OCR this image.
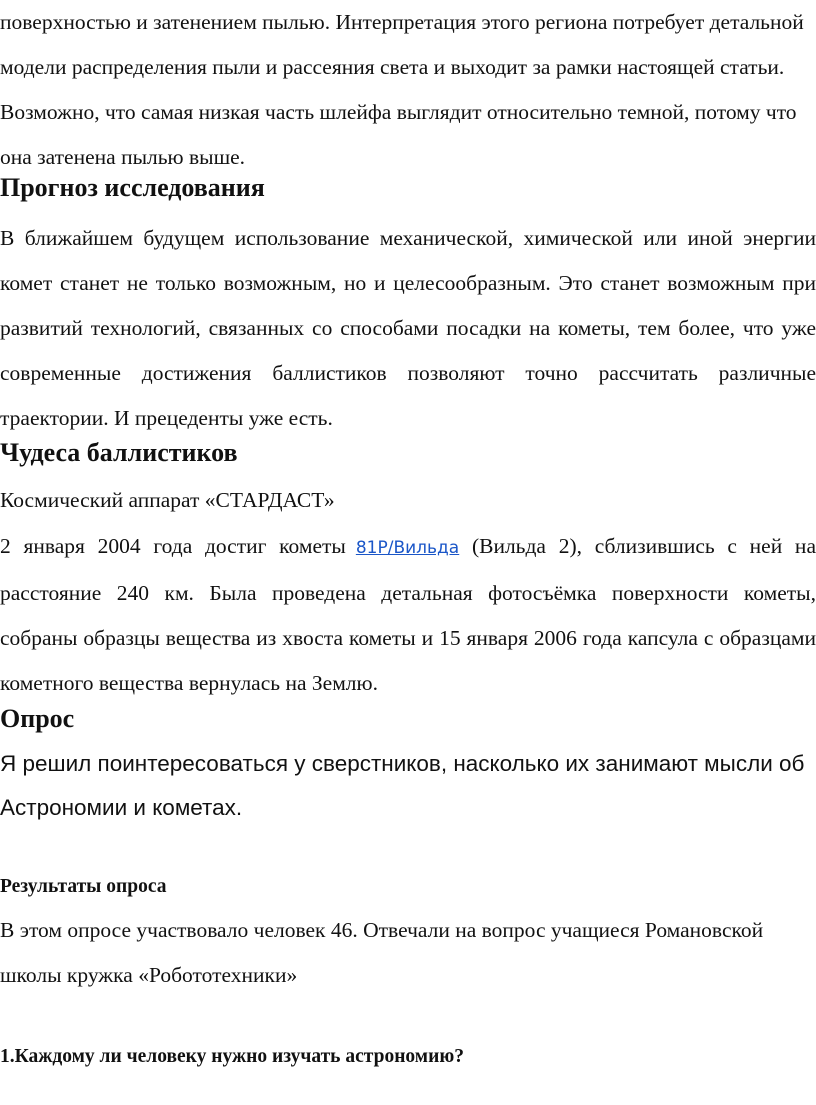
поверхностью и затенением пылью. Интерпретация этого региона потребует детальной модели распределения пыли и рассеяния света и выходит за рамки настоящей статьи. Возможно, что самая низкая часть шлейфа выглядит относительно темной, потому что она затенена пылью выше.

Прогноз исследования

В ближайшем будущем использование механической, химической или иной энергии комет станет не только возможным, но и целесообразным. Это станет возможным при развитий технологий, связанных со способами посадки на кометы, тем более, что уже современные достижения баллистиков позволяют точно рассчитать различные траектории. И прецеденты уже есть.

Чудеса баллистиков

Космический аппарат «СТАРДАСТ»

2 января 2004 года достиг кометы 81P/Вильда (Вильда 2), сблизившись с ней на расстояние 240 км. Была проведена детальная фотосъёмка поверхности кометы, собраны образцы вещества из хвоста кометы и 15 января 2006 года капсула с образцами кометного вещества вернулась на Землю.

Опрос

Я решил поинтересоваться у сверстников, насколько их занимают мысли об Астрономии и кометах.

Результаты опроса

В этом опросе участвовало человек 46. Отвечали на вопрос учащиеся Романовской школы кружка «Робототехники»

1.Каждому ли человеку нужно изучать астрономию?
